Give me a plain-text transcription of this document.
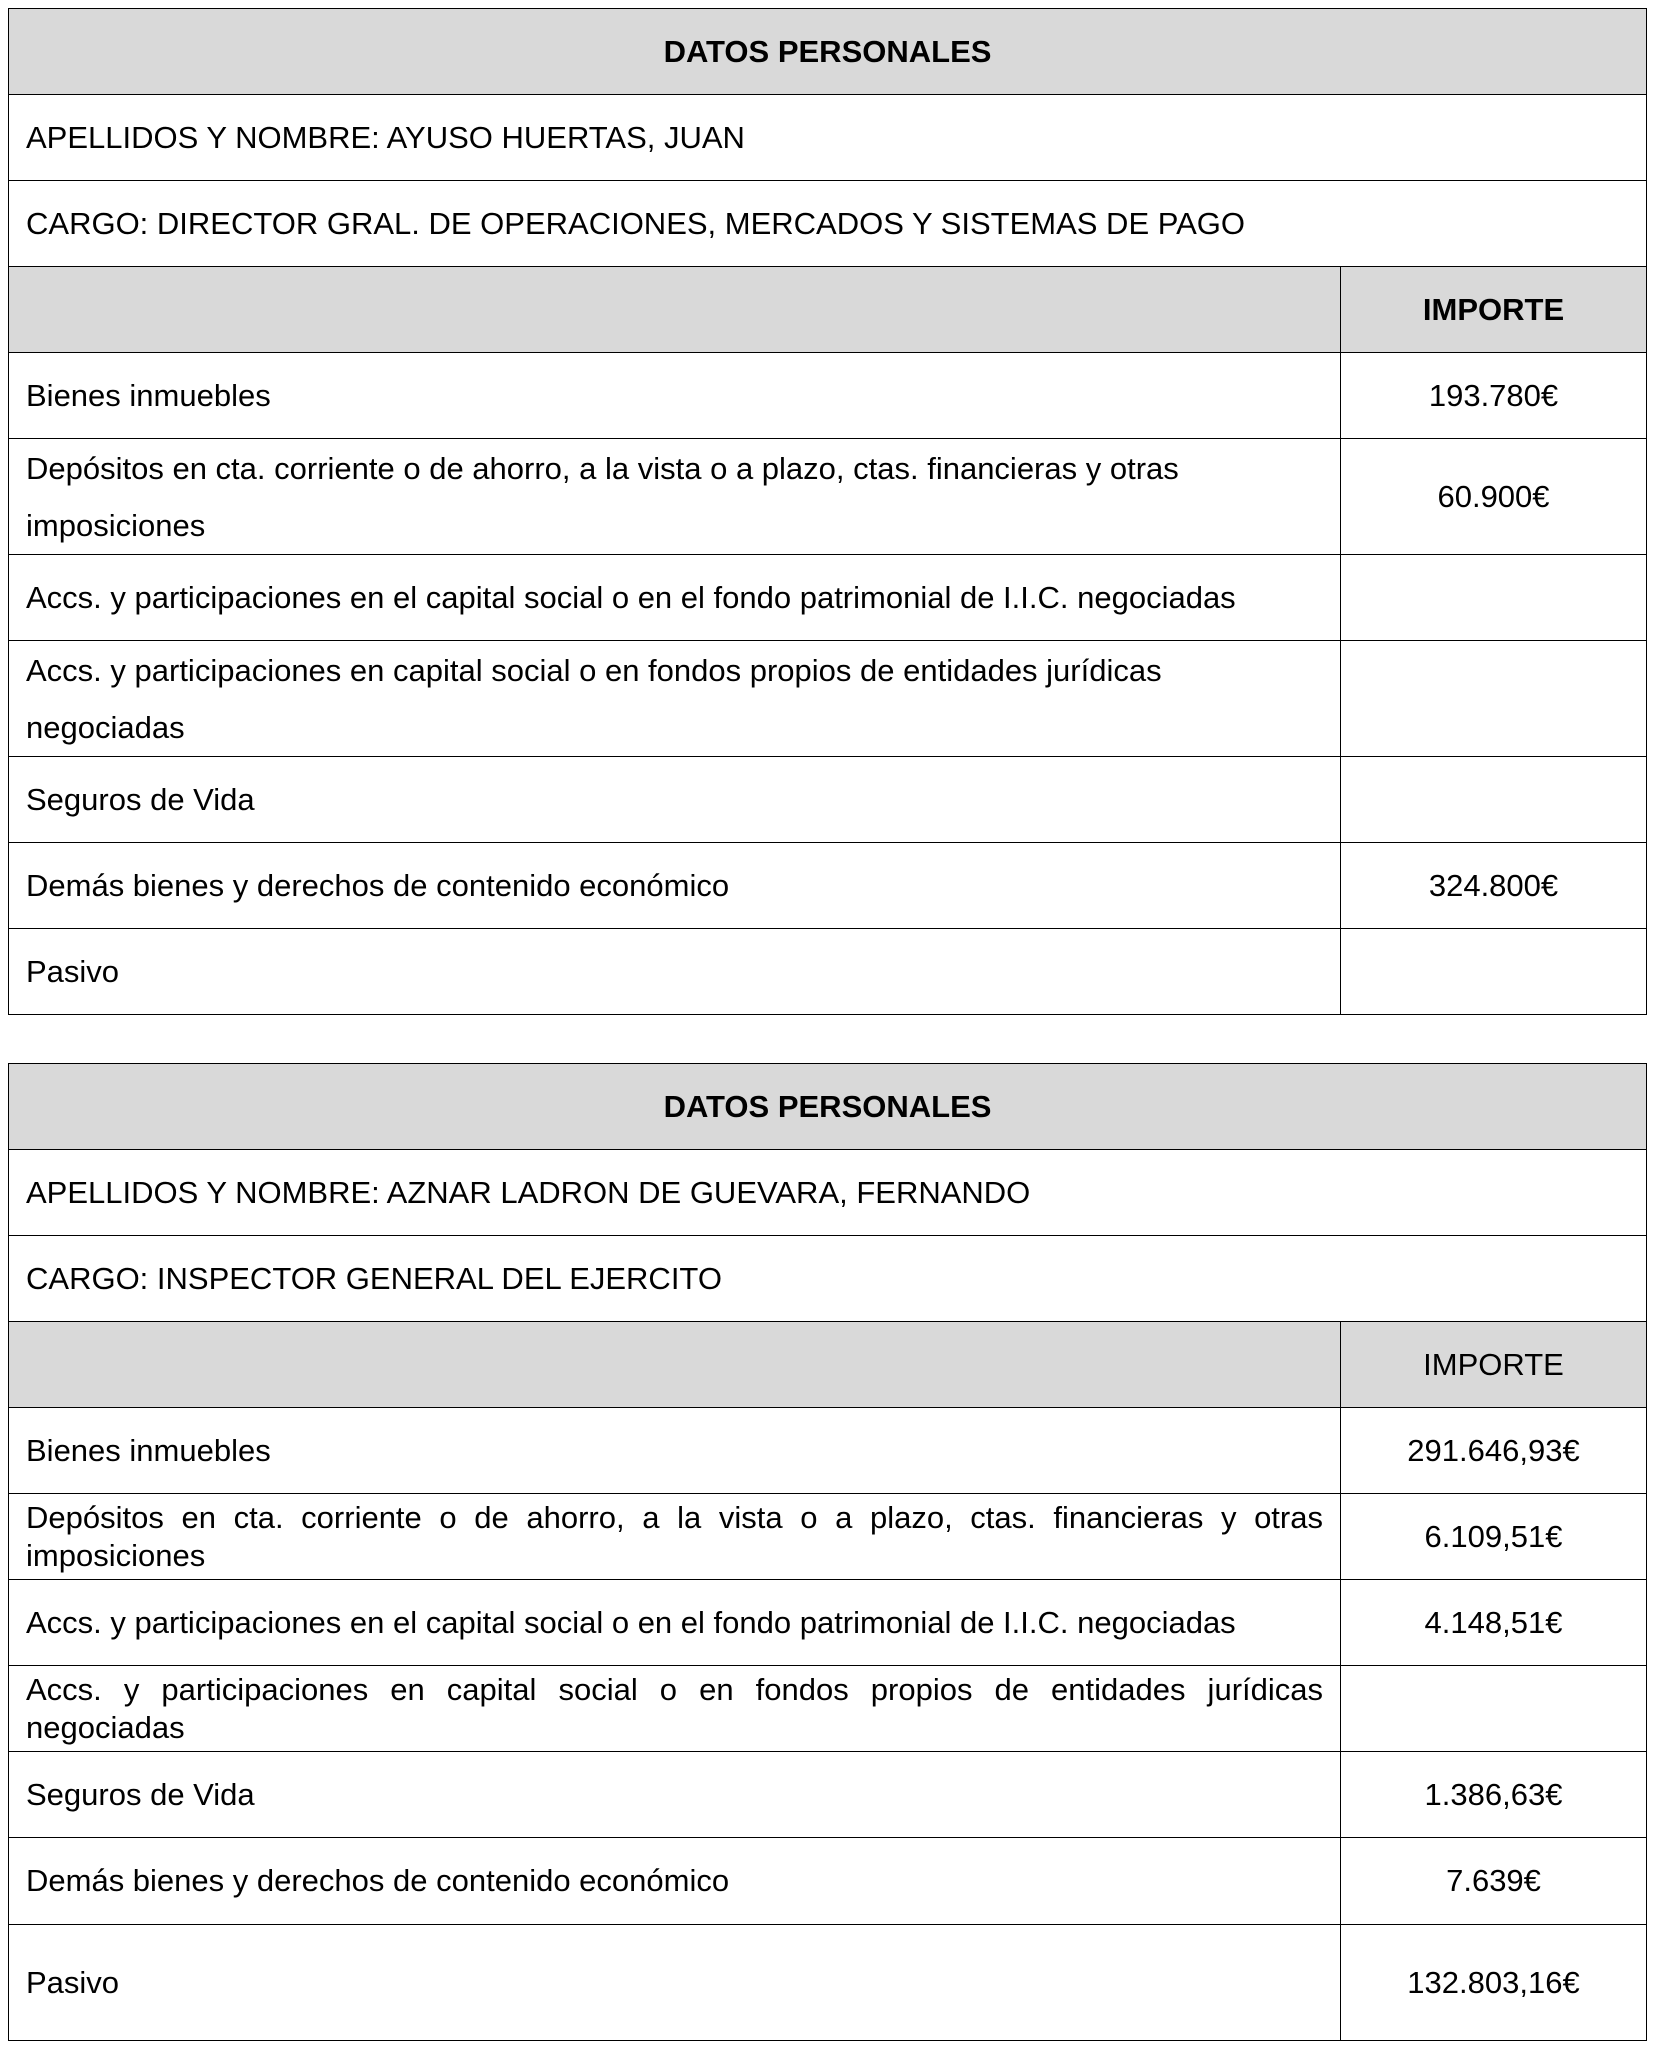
DATOS PERSONALES	
APELLIDOS Y NOMBRE: AYUSO HUERTAS, JUAN	
CARGO: DIRECTOR GRAL. DE OPERACIONES, MERCADOS Y SISTEMAS DE PAGO	
	IMPORTE
Bienes inmuebles	193.780€
Depósitos en cta. corriente o de ahorro, a la vista o a plazo, ctas. financieras y otras imposiciones	60.900€
Accs. y participaciones en el capital social o en el fondo patrimonial de I.I.C. negociadas	
Accs. y participaciones en capital social o en fondos propios de entidades jurídicas negociadas	
Seguros de Vida	
Demás bienes y derechos de contenido económico	324.800€
Pasivo	
DATOS PERSONALES	
APELLIDOS Y NOMBRE: AZNAR LADRON DE GUEVARA, FERNANDO	
CARGO: INSPECTOR GENERAL DEL EJERCITO	
	IMPORTE
Bienes inmuebles	291.646,93€
Depósitos en cta. corriente o de ahorro, a la vista o a plazo, ctas. financieras y otras imposiciones	6.109,51€
Accs. y participaciones en el capital social o en el fondo patrimonial de I.I.C. negociadas	4.148,51€
Accs. y participaciones en capital social o en fondos propios de entidades jurídicas negociadas	
Seguros de Vida	1.386,63€
Demás bienes y derechos de contenido económico	7.639€
Pasivo	132.803,16€
